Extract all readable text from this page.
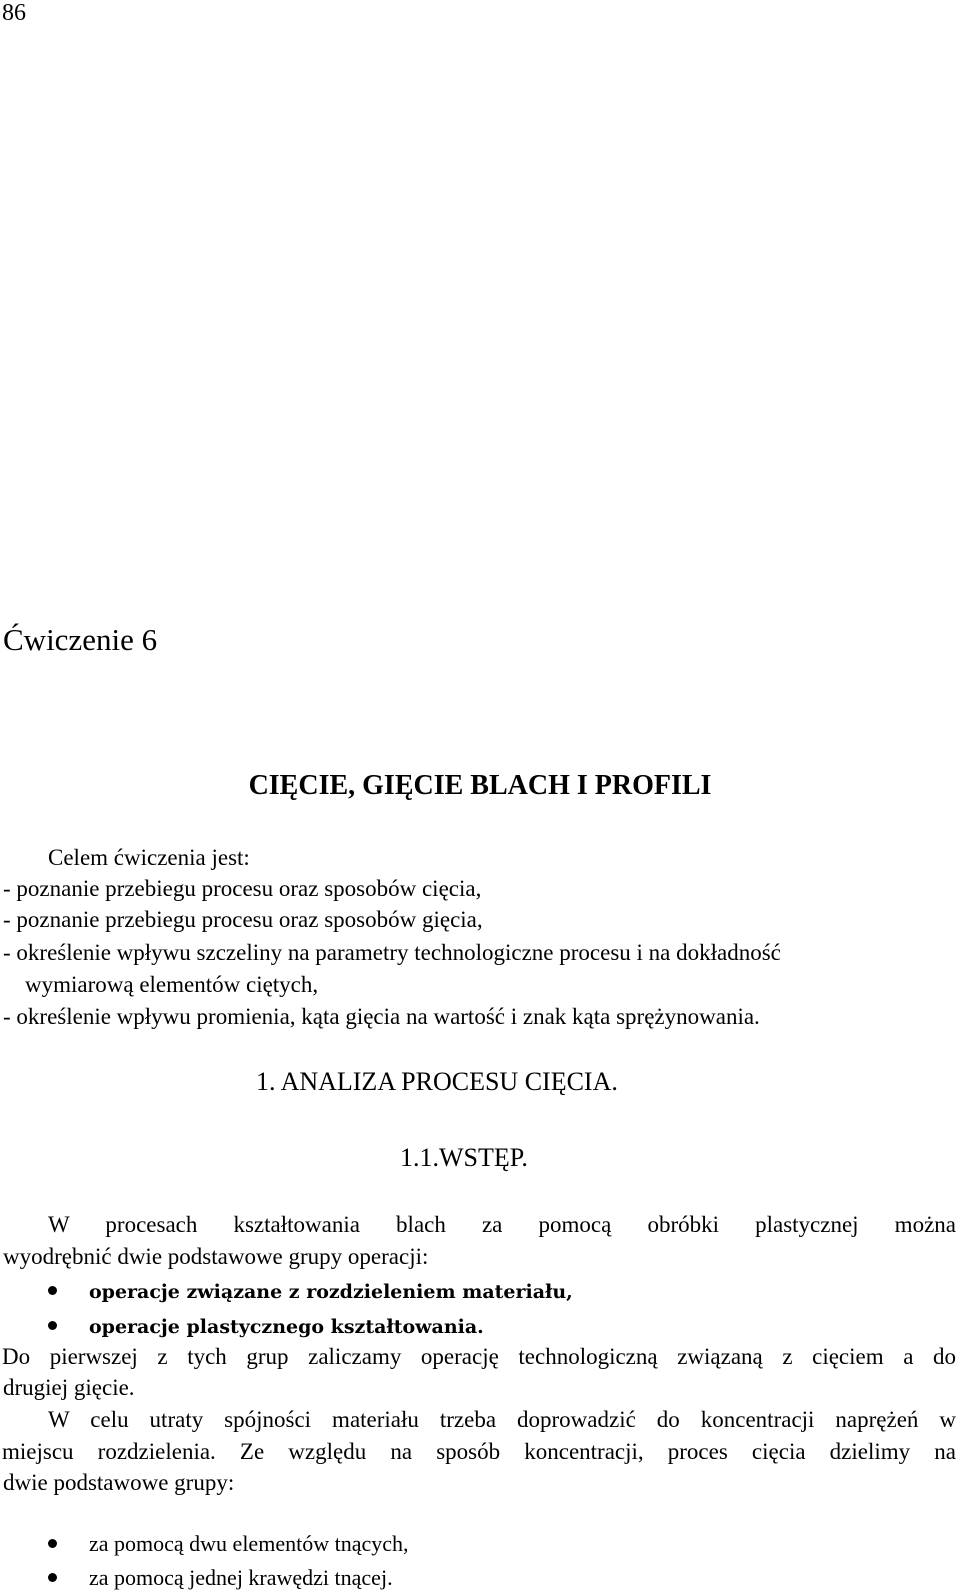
86
Ćwiczenie 6
CIĘCIE, GIĘCIE BLACH I PROFILI
Celem ćwiczenia jest:
- poznanie przebiegu procesu oraz sposobów cięcia,
- poznanie przebiegu procesu oraz sposobów gięcia,
- określenie wpływu szczeliny na parametry technologiczne procesu i na dokładność
wymiarową elementów ciętych,
- określenie wpływu promienia, kąta gięcia na wartość i znak kąta sprężynowania.
1. ANALIZA PROCESU CIĘCIA.
1.1.WSTĘP.
W procesach kształtowania blach za pomocą obróbki plastycznej można
wyodrębnić dwie podstawowe grupy operacji:
operacje związane z rozdzieleniem materiału,
operacje plastycznego kształtowania.
Do pierwszej z tych grup zaliczamy operację technologiczną związaną z cięciem a do
drugiej gięcie.
W celu utraty spójności materiału trzeba doprowadzić do koncentracji naprężeń w
miejscu rozdzielenia. Ze względu na sposób koncentracji, proces cięcia dzielimy na
dwie podstawowe grupy:
za pomocą dwu elementów tnących,
za pomocą jednej krawędzi tnącej.
